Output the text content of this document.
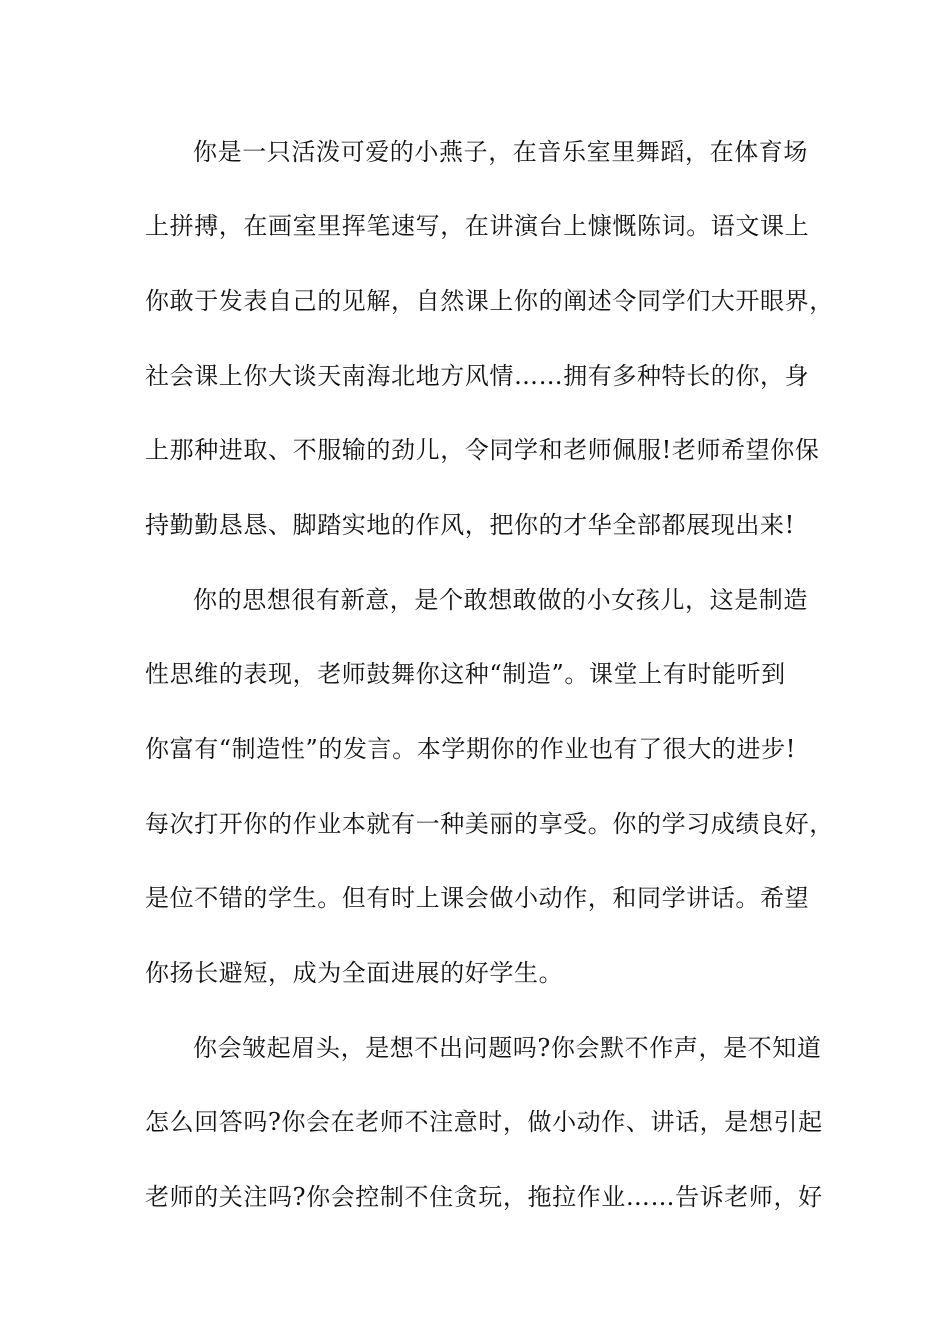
你是一只活泼可爱的小燕子，在音乐室里舞蹈，在体育场
上拼搏，在画室里挥笔速写，在讲演台上慷慨陈词。语文课上
你敢于发表自己的见解，自然课上你的阐述令同学们大开眼界，
社会课上你大谈天南海北地方风情……拥有多种特长的你，身
上那种进取、不服输的劲儿，令同学和老师佩服!老师希望你保
持勤勤恳恳、脚踏实地的作风，把你的才华全部都展现出来!
你的思想很有新意，是个敢想敢做的小女孩儿，这是制造
性思维的表现，老师鼓舞你这种“制造”。课堂上有时能听到
你富有“制造性”的发言。本学期你的作业也有了很大的进步!
每次打开你的作业本就有一种美丽的享受。你的学习成绩良好，
是位不错的学生。但有时上课会做小动作，和同学讲话。希望
你扬长避短，成为全面进展的好学生。
你会皱起眉头，是想不出问题吗?你会默不作声，是不知道
怎么回答吗?你会在老师不注意时，做小动作、讲话，是想引起
老师的关注吗?你会控制不住贪玩，拖拉作业……告诉老师，好
